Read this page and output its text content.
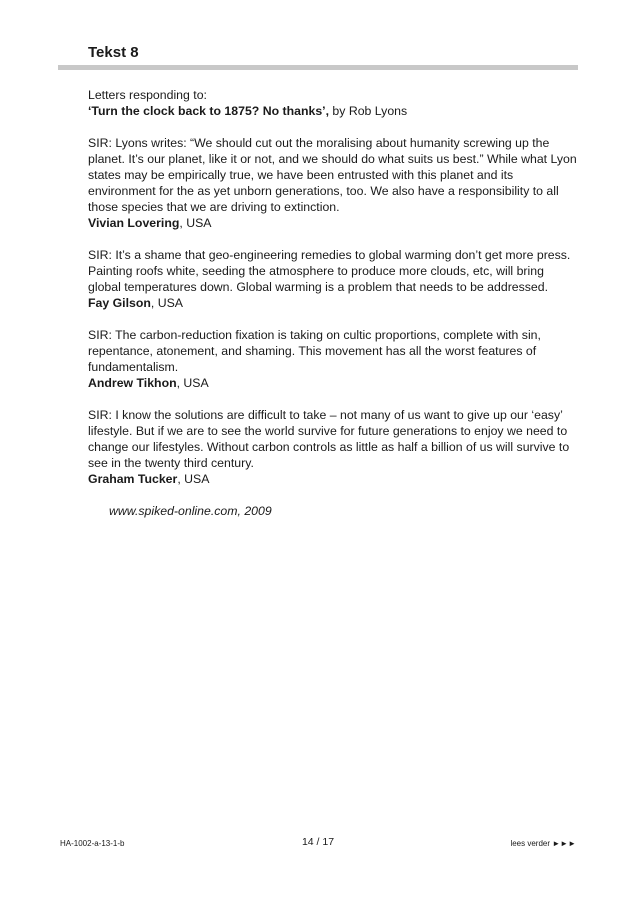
Tekst 8

Letters responding to:
‘Turn the clock back to 1875? No thanks’, by Rob Lyons

SIR: Lyons writes: “We should cut out the moralising about humanity screwing up the planet. It’s our planet, like it or not, and we should do what suits us best.” While what Lyon states may be empirically true, we have been entrusted with this planet and its environment for the as yet unborn generations, too. We also have a responsibility to all those species that we are driving to extinction.

Vivian Lovering, USA

SIR: It’s a shame that geo-engineering remedies to global warming don’t get more press. Painting roofs white, seeding the atmosphere to produce more clouds, etc, will bring global temperatures down. Global warming is a problem that needs to be addressed.

Fay Gilson, USA

SIR: The carbon-reduction fixation is taking on cultic proportions, complete with sin, repentance, atonement, and shaming. This movement has all the worst features of fundamentalism.

Andrew Tikhon, USA

SIR: I know the solutions are difficult to take – not many of us want to give up our ‘easy’ lifestyle. But if we are to see the world survive for future generations to enjoy we need to change our lifestyles. Without carbon controls as little as half a billion of us will survive to see in the twenty third century.

Graham Tucker, USA

www.spiked-online.com, 2009

HA-1002-a-13-1-b	14 / 17	lees verder ►►►
